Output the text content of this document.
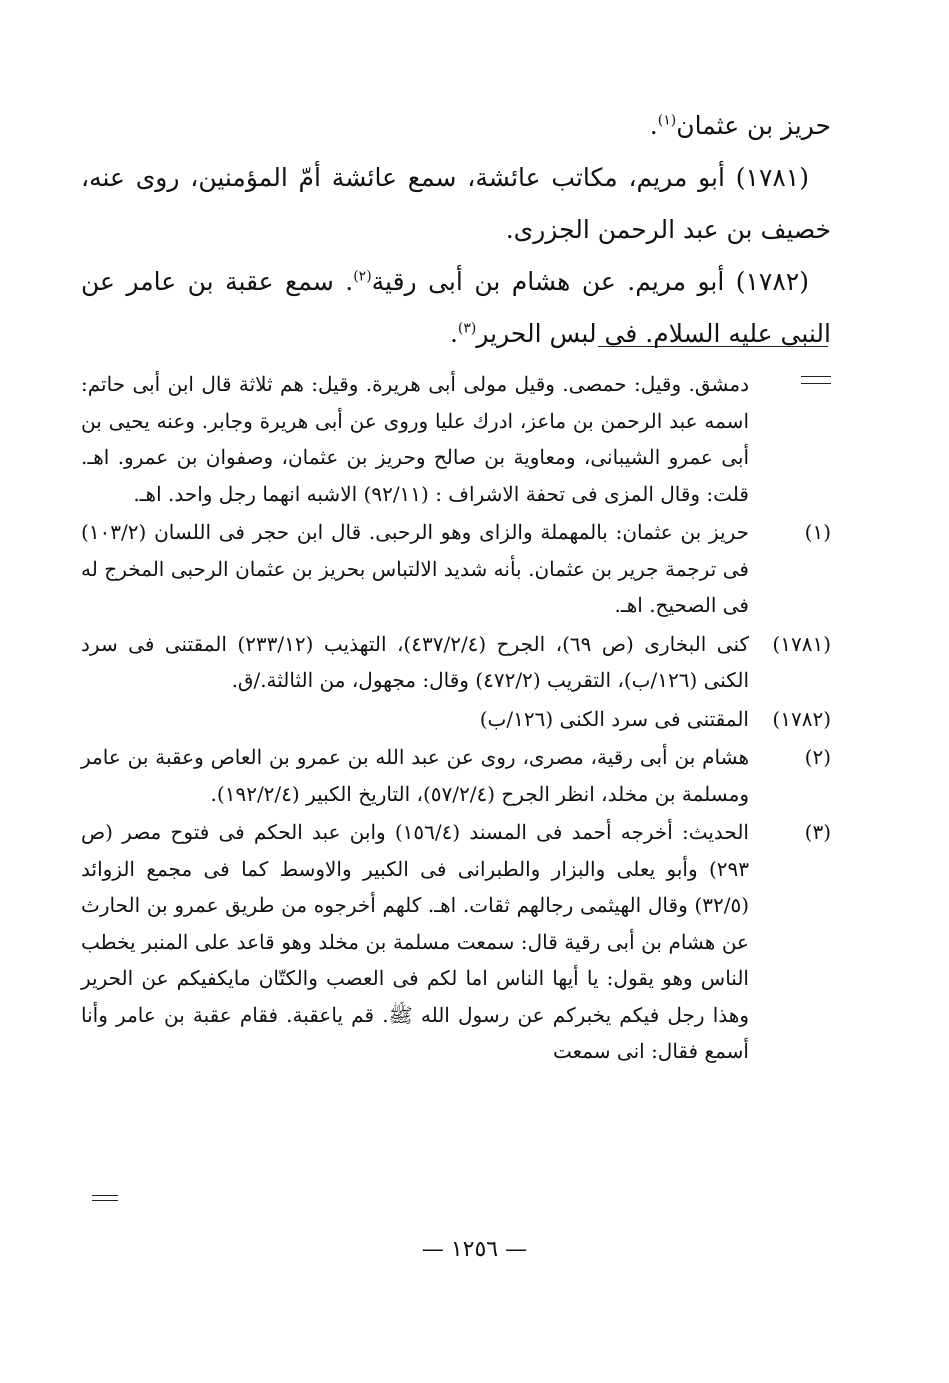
حريز بن عثمان$^{(١)}$.

(١٧٨١) أبو مريم، مكاتب عائشة، سمع عائشة أمّ المؤمنين، روى عنه، خصيف بن عبد الرحمن الجزرى.

(١٧٨٢) أبو مريم. عن هشام بن أبى رقية$^{(٢)}$. سمع عقبة بن عامر عن النبى عليه السلام. فى لبس الحرير$^{(٣)}$.

دمشق. وقيل: حمصى. وقيل مولى أبى هريرة. وقيل: هم ثلاثة قال ابن أبى حاتم: اسمه عبد الرحمن بن ماعز، ادرك عليا وروى عن أبى هريرة وجابر. وعنه يحيى بن أبى عمرو الشيبانى، ومعاوية بن صالح وحريز بن عثمان، وصفوان بن عمرو. اهـ. قلت: وقال المزى فى تحفة الاشراف : (٩٢/١١) الاشبه انهما رجل واحد. اهـ.
(١)
حريز بن عثمان: بالمهملة والزاى وهو الرحبى. قال ابن حجر فى اللسان (١٠٣/٢) فى ترجمة جرير بن عثمان. بأنه شديد الالتباس بحريز بن عثمان الرحبى المخرج له فى الصحيح. اهـ.
(١٧٨١)
كنى البخارى (ص ٦٩)، الجرح (٤٣٧/٢/٤)، التهذيب (٢٣٣/١٢) المقتنى فى سرد الكنى (١٢٦/ب)، التقريب (٤٧٢/٢) وقال: مجهول، من الثالثة./ق.
(١٧٨٢)
المقتنى فى سرد الكنى (١٢٦/ب)
(٢)
هشام بن أبى رقية، مصرى، روى عن عبد الله بن عمرو بن العاص وعقبة بن عامر ومسلمة بن مخلد، انظر الجرح (٥٧/٢/٤)، التاريخ الكبير (١٩٢/٢/٤).
(٣)
الحديث: أخرجه أحمد فى المسند (١٥٦/٤) وابن عبد الحكم فى فتوح مصر (ص ٢٩٣) وأبو يعلى والبزار والطبرانى فى الكبير والاوسط كما فى مجمع الزوائد (٣٢/٥) وقال الهيثمى رجالهم ثقات. اهـ. كلهم أخرجوه من طريق عمرو بن الحارث عن هشام بن أبى رقية قال: سمعت مسلمة بن مخلد وهو قاعد على المنبر يخطب الناس وهو يقول: يا أيها الناس اما لكم فى العصب والكتّان مايكفيكم عن الحرير وهذا رجل فيكم يخبركم عن رسول الله ﷺ. قم ياعقبة. فقام عقبة بن عامر وأنا أسمع فقال: انى سمعت
— ١٢٥٦ —
